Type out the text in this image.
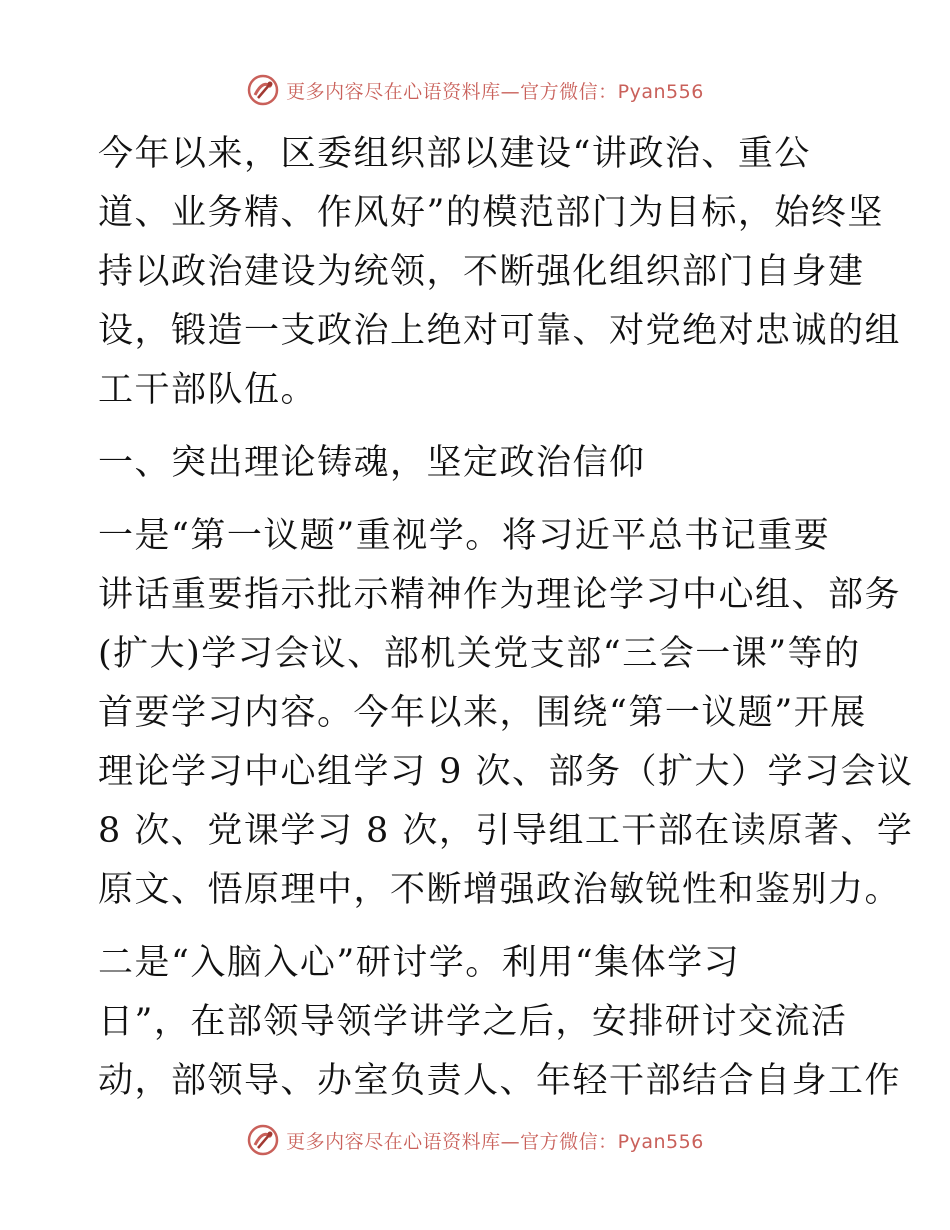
更多内容尽在心语资料库—官方微信：Pyan556

今年以来，区委组织部以建设“讲政治、重公
道、业务精、作风好”的模范部门为目标，始终坚
持以政治建设为统领，不断强化组织部门自身建
设，锻造一支政治上绝对可靠、对党绝对忠诚的组
工干部队伍。

一、突出理论铸魂，坚定政治信仰

一是“第一议题”重视学。将习近平总书记重要
讲话重要指示批示精神作为理论学习中心组、部务
(扩大)学习会议、部机关党支部“三会一课”等的
首要学习内容。今年以来，围绕“第一议题”开展
理论学习中心组学习 9 次、部务（扩大）学习会议
8 次、党课学习 8 次，引导组工干部在读原著、学
原文、悟原理中，不断增强政治敏锐性和鉴别力。

二是“入脑入心”研讨学。利用“集体学习
日”，在部领导领学讲学之后，安排研讨交流活
动，部领导、办室负责人、年轻干部结合自身工作

更多内容尽在心语资料库—官方微信：Pyan556
